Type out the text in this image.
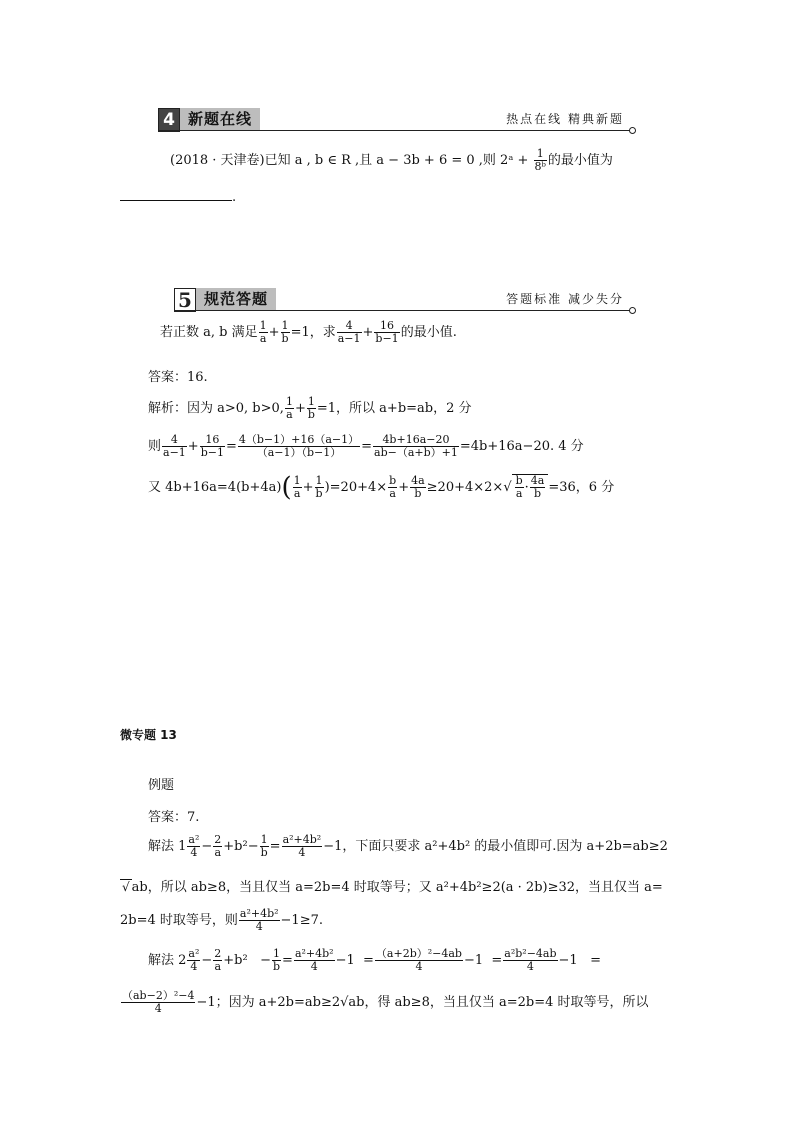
4 新题在线	热点在线 精典新题
(2018 · 天津卷)已知 a , b ∈ R ,且 a − 3b + 6 = 0 ,则 2ᵃ + $\frac{1}{\text{8ᵇ}}$ 的最小值为
.
5 规范答题	答题标准 减少失分
若正数 a, b 满足 $\frac{1}{a} + \frac{1}{b} =1$，求 $\frac{4}{a-1} + \frac{16}{b-1}$ 的最小值.
答案：16.
解析：因为 a>0, b>0, $\frac{1}{a} + \frac{1}{b} =1$，所以 a+b=ab，2 分
则 $\frac{4}{a-1} + \frac{16}{b-1} = \frac{4(b-1)+16(a-1)}{(a-1)(b-1)} = \frac{4b+16a-20}{ab-(a+b)+1} =4b+16a-20$. 4 分
又 $4b+16a=4(b+4a)( \frac{1}{a} + \frac{1}{b} )=20+4\times \frac{b}{a} + \frac{4a}{b} \ge 20+4\times 2\times√ \frac{b}{a} \cdot \frac{4a}{b} =36$，6 分
微专题 13
例题
答案：7.
解法 $1 \frac{\text{a²}}{4} - \frac{2}{a} +b^2- \frac{1}{b} = \frac{\text{a²+4b²}}{4} -1$，下面只要求 a²+4b² 的最小值即可.因为 a+2b=ab≥2
√ ab，所以 ab≥8，当且仅当 a=2b=4 时取等号；又 a²+4b²≥2(a · 2b)≥32，当且仅当 a=
2b=4 时取等号，则 $\frac{\text{a²+4b²}}{4} -1\ge 7$.
解法 $2 \frac{\text{a²}}{4} - \frac{2}{a} +b^2 - \frac{1}{b} = \frac{\text{a²+4b²}}{4} -1 = \frac{\text{（a+2b）²−4ab}}{4} -1 = \frac{\text{a²b²−4ab}}{4} -1$   =
$\frac{\text{（ab−2）²−4}}{4} -1$；因为 a+2b=ab≥2√ab，得 ab≥8，当且仅当 a=2b=4 时取等号，所以
